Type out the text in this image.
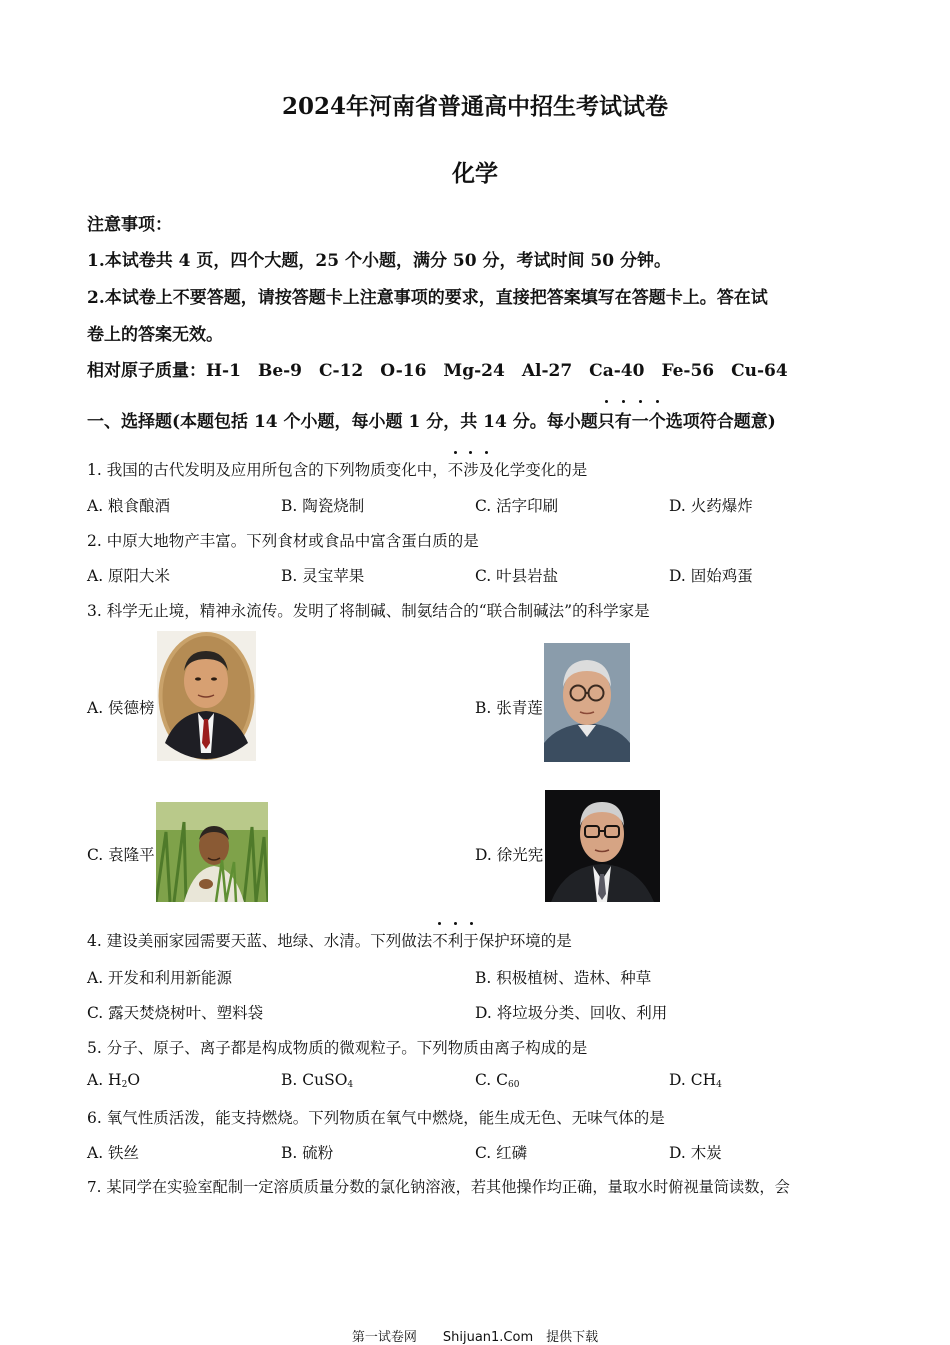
2024年河南省普通高中招生考试试卷
化学
注意事项：
1.本试卷共 4 页，四个大题，25 个小题，满分 50 分，考试时间 50 分钟。
2.本试卷上不要答题，请按答题卡上注意事项的要求，直接把答案填写在答题卡上。答在试
卷上的答案无效。
相对原子质量：H-1　Be-9　C-12　O-16　Mg-24　Al-27　Ca-40　Fe-56　Cu-64
一、选择题(本题包括 14 个小题，每小题 1 分，共 14 分。每小题只有一个选项符合题意)
1. 我国的古代发明及应用所包含的下列物质变化中，不涉及化学变化的是
A. 粮食酿酒	B. 陶瓷烧制	C. 活字印刷	D. 火药爆炸
2. 中原大地物产丰富。下列食材或食品中富含蛋白质的是
A. 原阳大米	B. 灵宝苹果	C. 叶县岩盐	D. 固始鸡蛋
3. 科学无止境，精神永流传。发明了将制碱、制氨结合的“联合制碱法”的科学家是
A. 侯德榜	B. 张青莲
C. 袁隆平	D. 徐光宪
4. 建设美丽家园需要天蓝、地绿、水清。下列做法不利于保护环境的是
A. 开发和利用新能源	B. 积极植树、造林、种草
C. 露天焚烧树叶、塑料袋	D. 将垃圾分类、回收、利用
5. 分子、原子、离子都是构成物质的微观粒子。下列物质由离子构成的是
A. $H_2O$	B. CuSO$_4$	C. $C_{60}$	D. $CH_4$
6. 氧气性质活泼，能支持燃烧。下列物质在氧气中燃烧，能生成无色、无味气体的是
A. 铁丝	B. 硫粉	C. 红磷	D. 木炭
7. 某同学在实验室配制一定溶质质量分数的氯化钠溶液，若其他操作均正确，量取水时俯视量筒读数，会
第一试卷网　　Shijuan1.Com　提供下载
